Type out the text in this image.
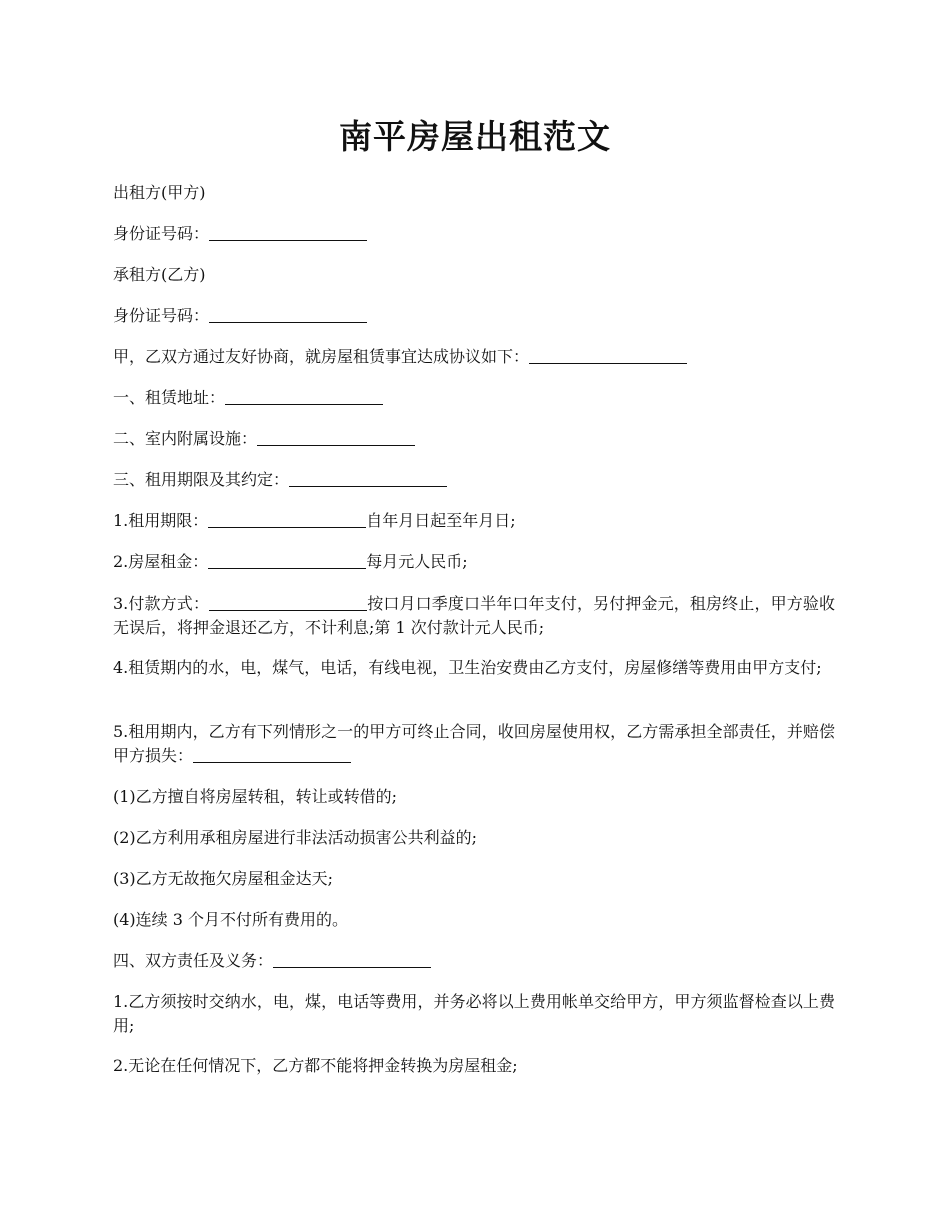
南平房屋出租范文

出租方(甲方)

身份证号码：

承租方(乙方)

身份证号码：

甲，乙双方通过友好协商，就房屋租赁事宜达成协议如下：

一、租赁地址：

二、室内附属设施：

三、租用期限及其约定：

1.租用期限：	自年月日起至年月日;

2.房屋租金：	每月元人民币;

3.付款方式：	按口月口季度口半年口年支付，另付押金元，租房终止，甲方验收无误后，将押金退还乙方，不计利息;第 1 次付款计元人民币;

4.租赁期内的水，电，煤气，电话，有线电视，卫生治安费由乙方支付，房屋修缮等费用由甲方支付;

5.租用期内，乙方有下列情形之一的甲方可终止合同，收回房屋使用权，乙方需承担全部责任，并赔偿甲方损失：

(1)乙方擅自将房屋转租，转让或转借的;

(2)乙方利用承租房屋进行非法活动损害公共利益的;

(3)乙方无故拖欠房屋租金达天;

(4)连续 3 个月不付所有费用的。

四、双方责任及义务：

1.乙方须按时交纳水，电，煤，电话等费用，并务必将以上费用帐单交给甲方，甲方须监督检查以上费用;

2.无论在任何情况下，乙方都不能将押金转换为房屋租金;
